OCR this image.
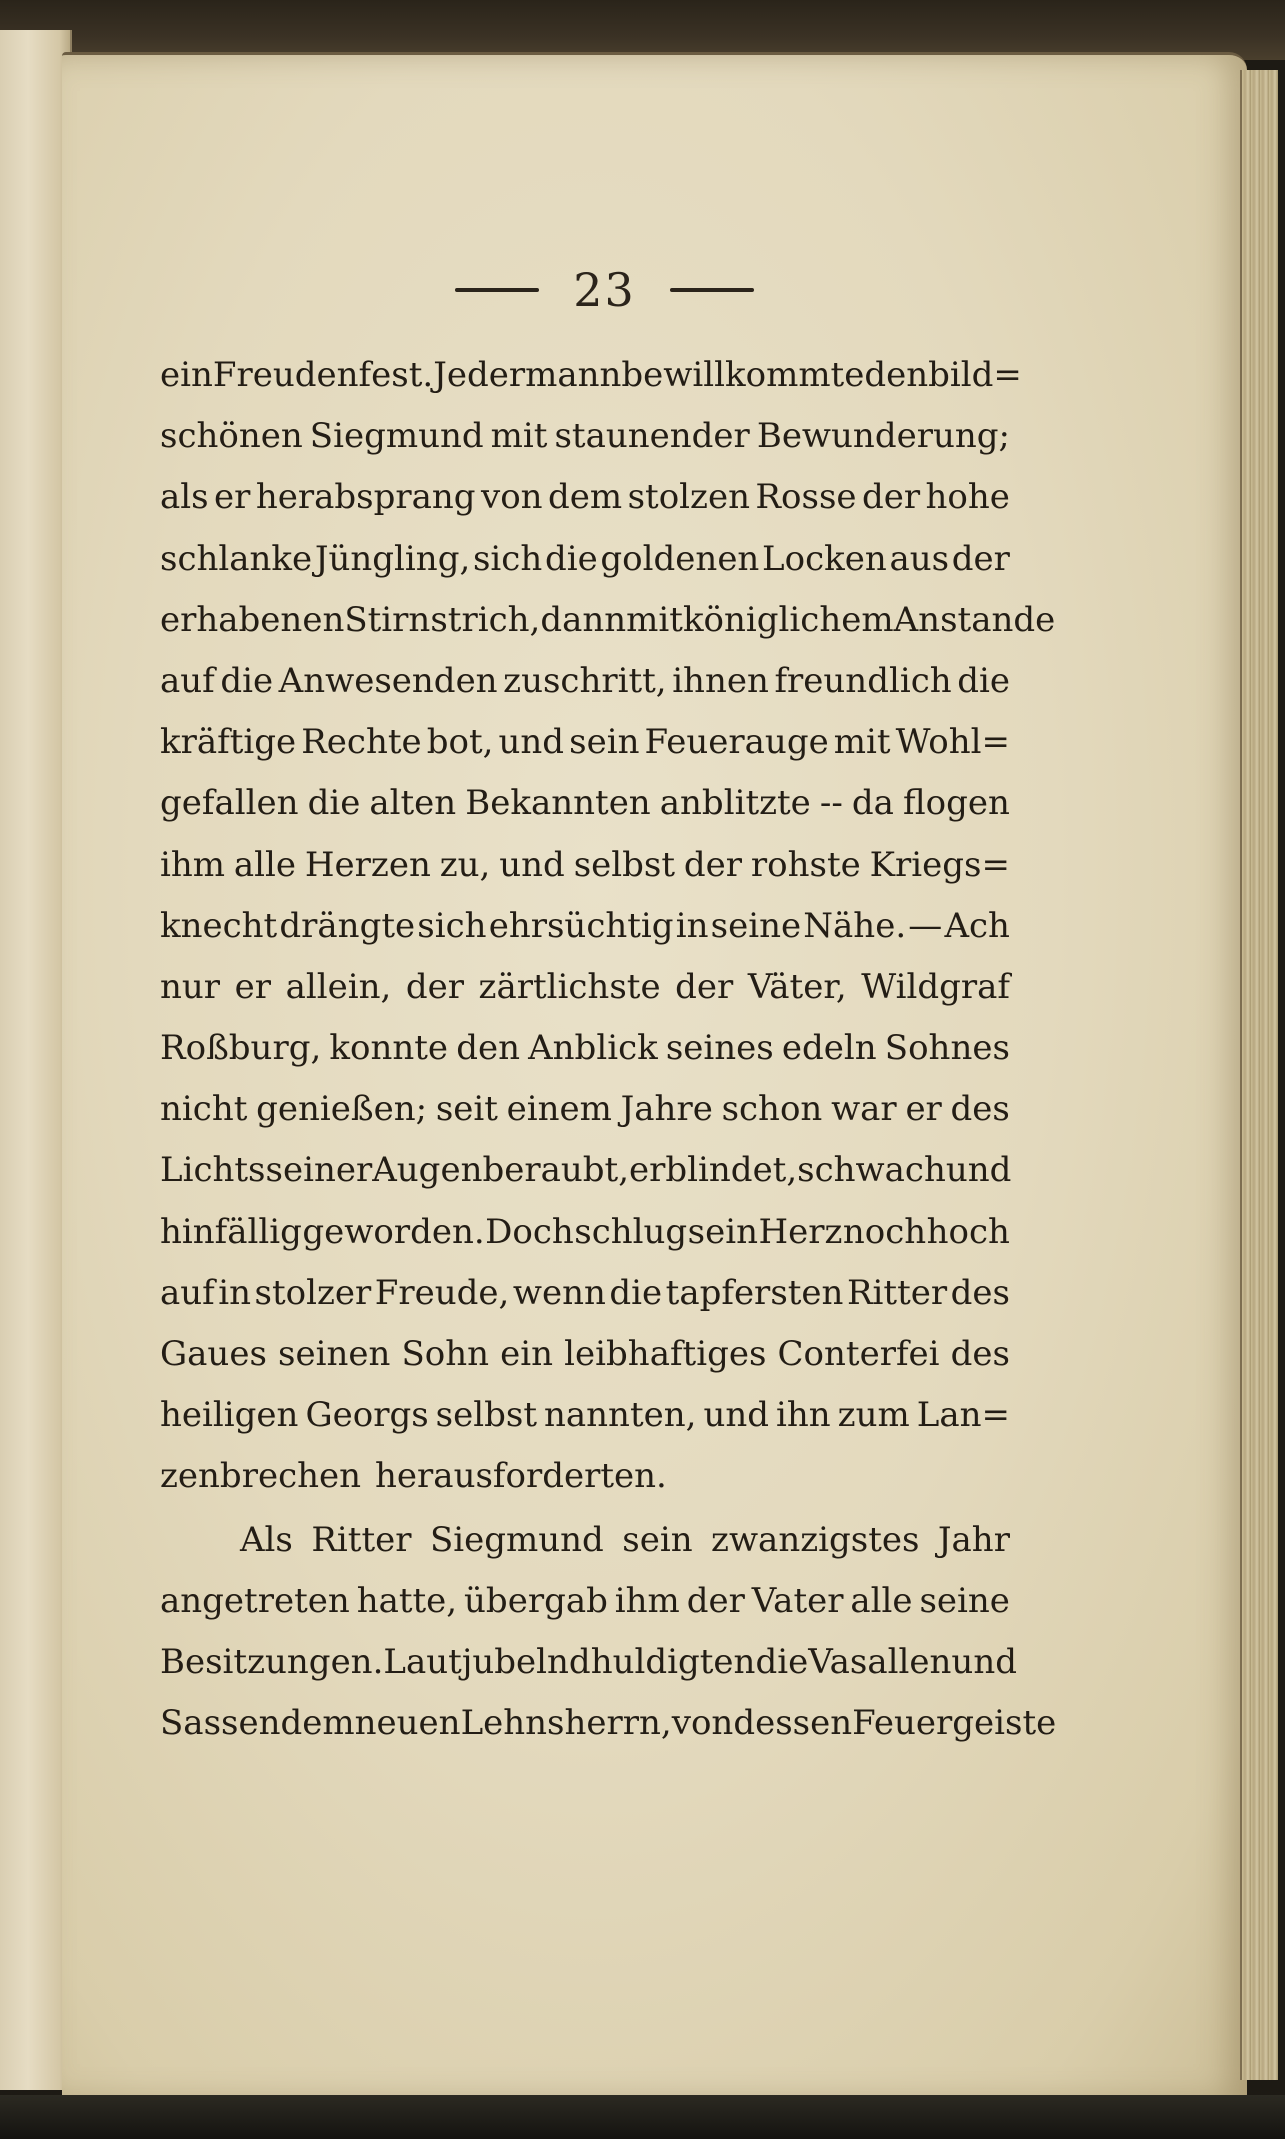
23
ein Freudenfest. Jedermann bewillkommte den bild=
schönen Siegmund mit staunender Bewunderung;
als er herabsprang von dem stolzen Rosse der hohe
schlanke Jüngling, sich die goldenen Locken aus der
erhabenen Stirn strich, dann mit königlichem Anstande
auf die Anwesenden zuschritt, ihnen freundlich die
kräftige Rechte bot, und sein Feuerauge mit Wohl=
gefallen die alten Bekannten anblitzte -- da flogen
ihm alle Herzen zu, und selbst der rohste Kriegs=
knecht drängte sich ehrsüchtig in seine Nähe. — Ach
nur er allein, der zärtlichste der Väter, Wildgraf
Roßburg, konnte den Anblick seines edeln Sohnes
nicht genießen; seit einem Jahre schon war er des
Lichts seiner Augen beraubt, erblindet, schwach und
hinfällig geworden. Doch schlug sein Herz noch hoch
auf in stolzer Freude, wenn die tapfersten Ritter des
Gaues seinen Sohn ein leibhaftiges Conterfei des
heiligen Georgs selbst nannten, und ihn zum Lan=
zenbrechen herausforderten.
Als Ritter Siegmund sein zwanzigstes Jahr
angetreten hatte, übergab ihm der Vater alle seine
Besitzungen. Laut jubelnd huldigten die Vasallen und
Sassen dem neuen Lehnsherrn, von dessen Feuergeiste
